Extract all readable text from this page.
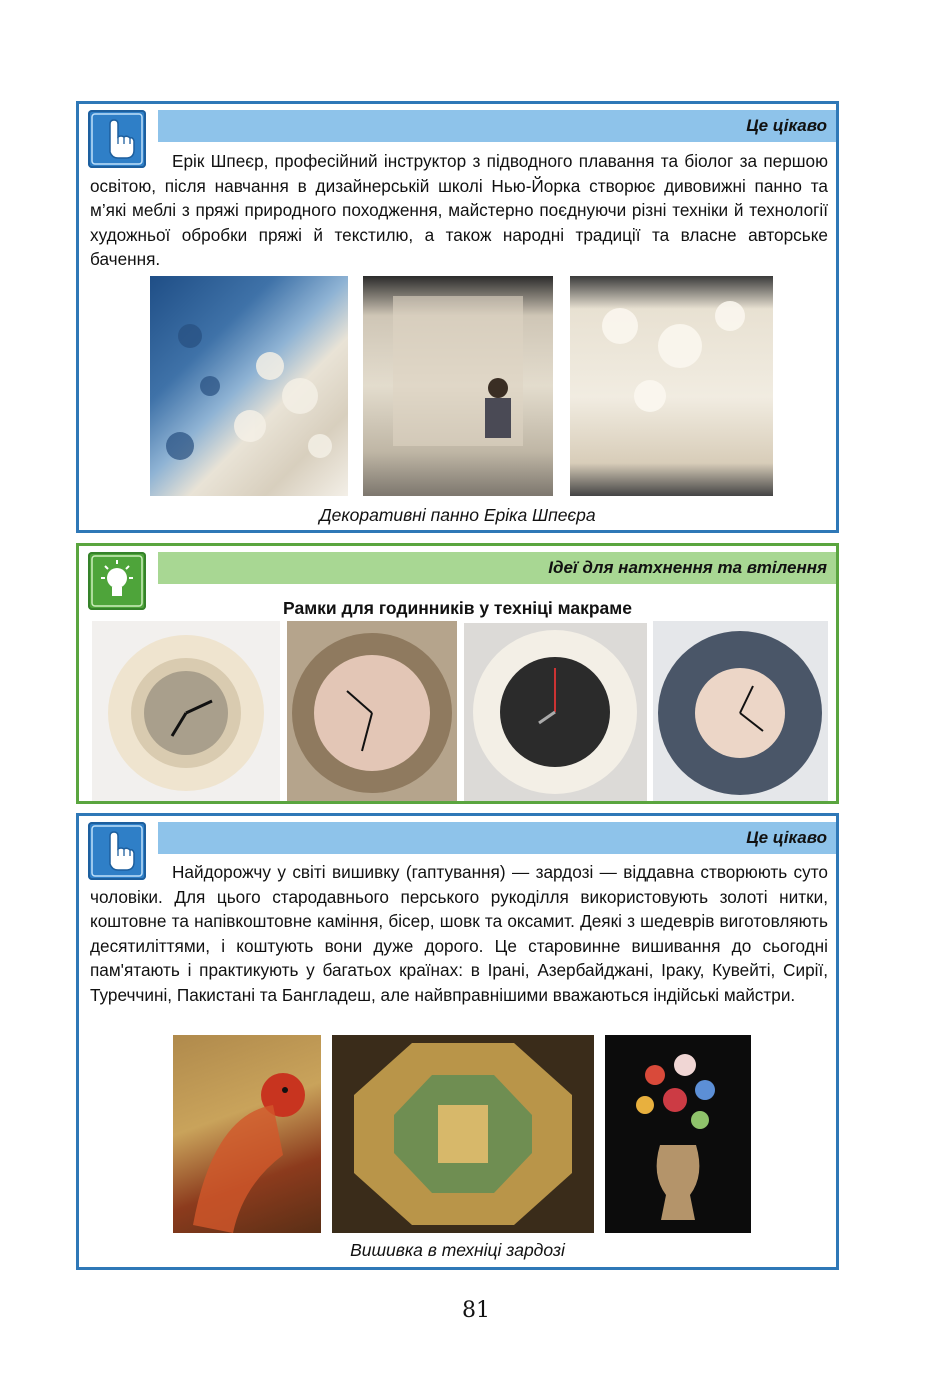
Це цікаво

Ерік Шпеєр, професійний інструктор з підводного плавання та біолог за першою освітою, після навчання в дизайнерській школі Нью-Йорка створює дивовижні панно та м’які меблі з пряжі природного походження, майстерно поєднуючи різні техніки й технології художньої обробки пряжі й текстилю, а також народні традиції та власне авторське бачення.

Декоративні панно Еріка Шпеєра
Ідеї для натхнення та втілення
Рамки для годинників у техніці макраме
Це цікаво

Найдорожчу у світі вишивку (гаптування) — зардозі — віддавна створюють суто чоловіки. Для цього стародавнього перського рукоділля використовують золоті нитки, коштовне та напівкоштовне каміння, бісер, шовк та оксамит. Деякі з шедеврів виготовляють десятиліттями, і коштують вони дуже дорого. Це старовинне вишивання до сьогодні пам'ятають і практикують у багатьох країнах: в Ірані, Азербайджані, Іраку, Кувейті, Сирії, Туреччині, Пакистані та Бангладеш, але найвправнішими вважаються індійські майстри.

Вишивка в техніці зардозі
81
